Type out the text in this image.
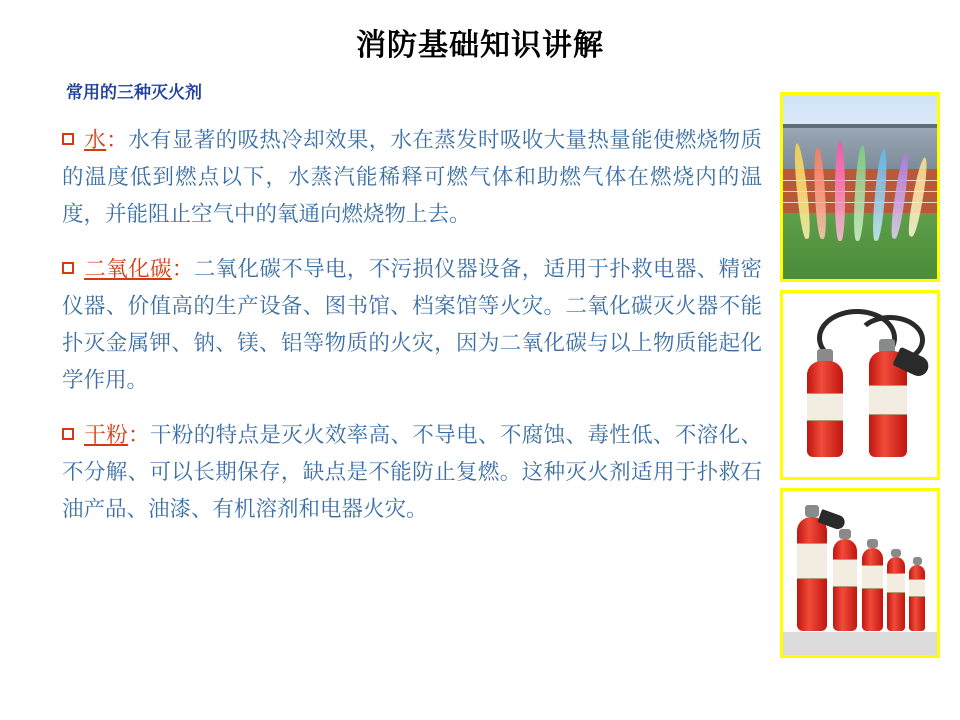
消防基础知识讲解
常用的三种灭火剂
水：水有显著的吸热冷却效果，水在蒸发时吸收大量热量能使燃烧物质的温度低到燃点以下，水蒸汽能稀释可燃气体和助燃气体在燃烧内的温度，并能阻止空气中的氧通向燃烧物上去。
二氧化碳：二氧化碳不导电，不污损仪器设备，适用于扑救电器、精密仪器、价值高的生产设备、图书馆、档案馆等火灾。二氧化碳灭火器不能扑灭金属钾、钠、镁、铝等物质的火灾，因为二氧化碳与以上物质能起化学作用。
干粉：干粉的特点是灭火效率高、不导电、不腐蚀、毒性低、不溶化、不分解、可以长期保存，缺点是不能防止复燃。这种灭火剂适用于扑救石油产品、油漆、有机溶剂和电器火灾。
